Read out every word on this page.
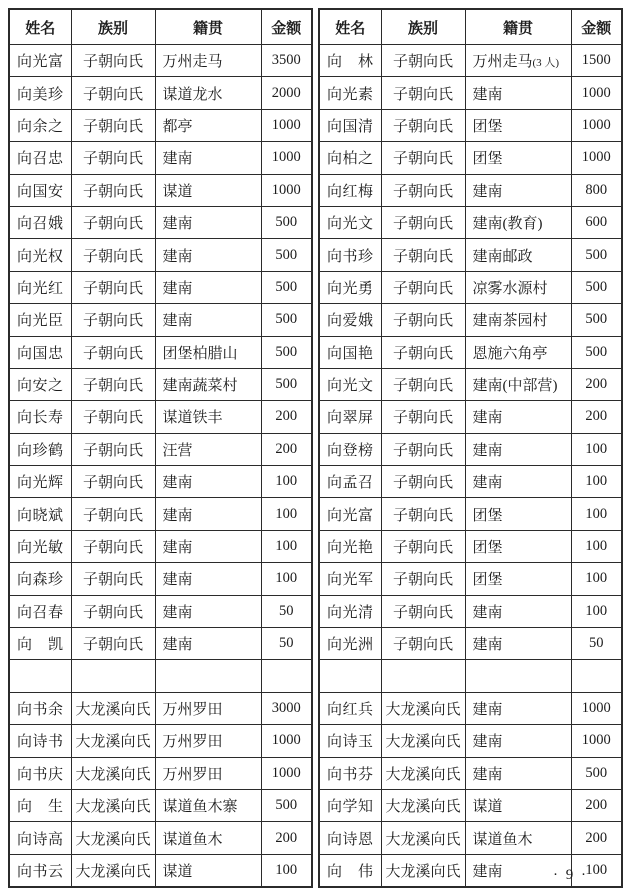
姓名	族别	籍贯	金额
向光富	子朝向氏	万州走马	3500
向美珍	子朝向氏	谋道龙水	2000
向余之	子朝向氏	都亭	1000
向召忠	子朝向氏	建南	1000
向国安	子朝向氏	谋道	1000
向召娥	子朝向氏	建南	500
向光权	子朝向氏	建南	500
向光红	子朝向氏	建南	500
向光臣	子朝向氏	建南	500
向国忠	子朝向氏	团堡柏腊山	500
向安之	子朝向氏	建南蔬菜村	500
向长寿	子朝向氏	谋道铁丰	200
向珍鹤	子朝向氏	汪营	200
向光辉	子朝向氏	建南	100
向晓斌	子朝向氏	建南	100
向光敏	子朝向氏	建南	100
向森珍	子朝向氏	建南	100
向召春	子朝向氏	建南	50
向　凯	子朝向氏	建南	50

向书余	大龙溪向氏	万州罗田	3000
向诗书	大龙溪向氏	万州罗田	1000
向书庆	大龙溪向氏	万州罗田	1000
向　生	大龙溪向氏	谋道鱼木寨	500
向诗高	大龙溪向氏	谋道鱼木	200
向书云	大龙溪向氏	谋道	100
姓名	族别	籍贯	金额
向　林	子朝向氏	万州走马(3 人)	1500
向光素	子朝向氏	建南	1000
向国清	子朝向氏	团堡	1000
向柏之	子朝向氏	团堡	1000
向红梅	子朝向氏	建南	800
向光文	子朝向氏	建南(教育)	600
向书珍	子朝向氏	建南邮政	500
向光勇	子朝向氏	凉雾水源村	500
向爱娥	子朝向氏	建南茶园村	500
向国艳	子朝向氏	恩施六角亭	500
向光文	子朝向氏	建南(中部营)	200
向翠屏	子朝向氏	建南	200
向登榜	子朝向氏	建南	100
向孟召	子朝向氏	建南	100
向光富	子朝向氏	团堡	100
向光艳	子朝向氏	团堡	100
向光军	子朝向氏	团堡	100
向光清	子朝向氏	建南	100
向光洲	子朝向氏	建南	50

向红兵	大龙溪向氏	建南	1000
向诗玉	大龙溪向氏	建南	1000
向书芬	大龙溪向氏	建南	500
向学知	大龙溪向氏	谋道	200
向诗恩	大龙溪向氏	谋道鱼木	200
向　伟	大龙溪向氏	建南	100
· 9 ·
